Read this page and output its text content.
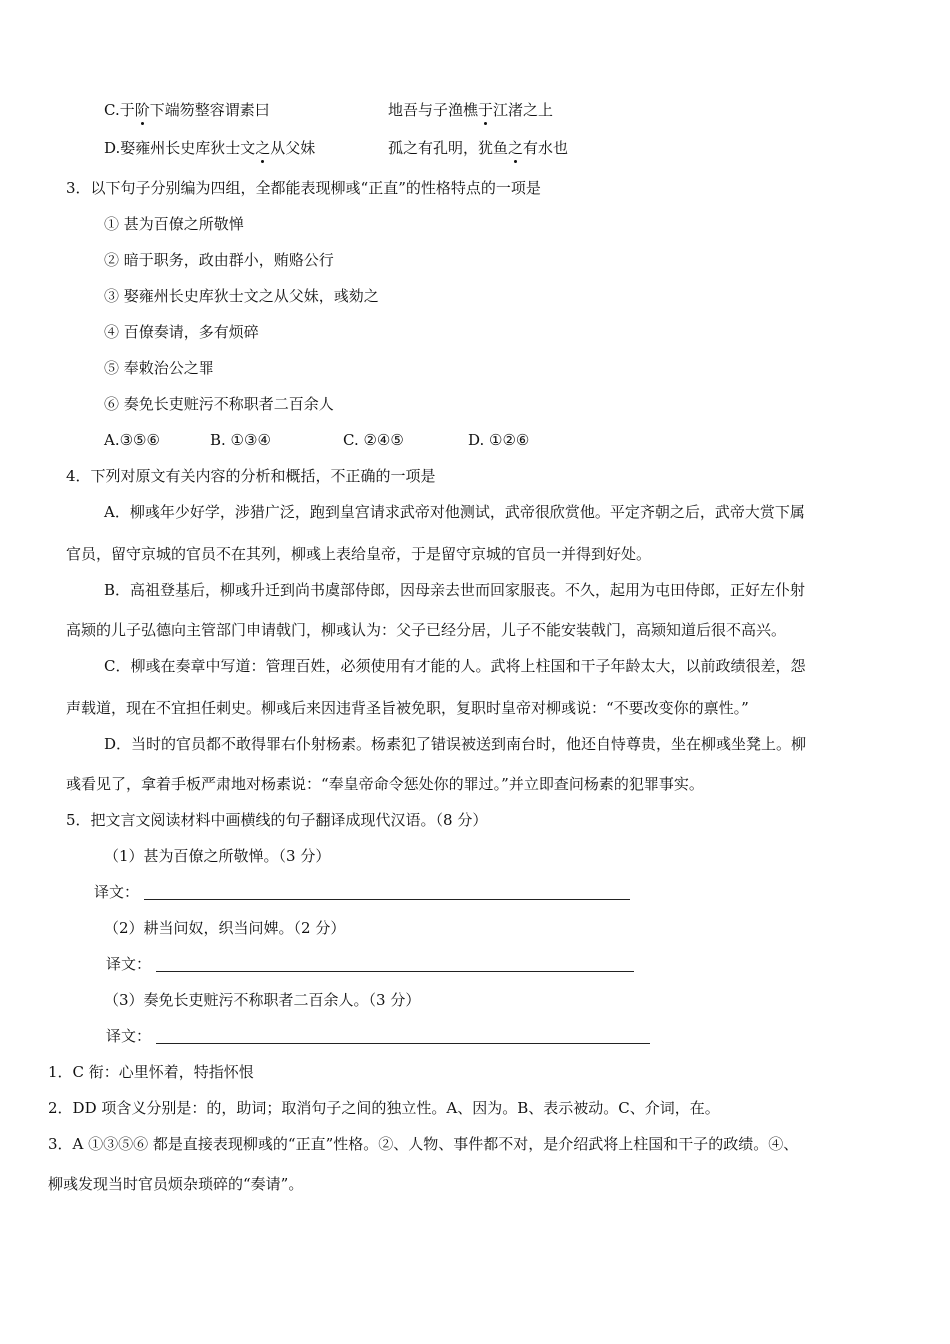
C.于阶下端笏整容谓素曰	地吾与子渔樵于江渚之上
D.娶雍州长史库狄士文之从父妹	孤之有孔明，犹鱼之有水也
3．以下句子分别编为四组，全都能表现柳彧“正直”的性格特点的一项是
① 甚为百僚之所敬惮
② 暗于职务，政由群小，贿赂公行
③ 娶雍州长史库狄士文之从父妹，彧劾之
④ 百僚奏请，多有烦碎
⑤ 奉敕治公之罪
⑥ 奏免长吏赃污不称职者二百余人
A.③⑤⑥	B. ①③④	C. ②④⑤	D. ①②⑥
4．下列对原文有关内容的分析和概括，不正确的一项是
A．柳彧年少好学，涉猎广泛，跑到皇宫请求武帝对他测试，武帝很欣赏他。平定齐朝之后，武帝大赏下属
官员，留守京城的官员不在其列，柳彧上表给皇帝，于是留守京城的官员一并得到好处。
B．高祖登基后，柳彧升迁到尚书虞部侍郎，因母亲去世而回家服丧。不久，起用为屯田侍郎，正好左仆射
高颎的儿子弘德向主管部门申请戟门，柳彧认为：父子已经分居，儿子不能安装戟门，高颎知道后很不高兴。
C．柳彧在奏章中写道：管理百姓，必须使用有才能的人。武将上柱国和干子年龄太大，以前政绩很差，怨
声载道，现在不宜担任刺史。柳彧后来因违背圣旨被免职，复职时皇帝对柳彧说：“不要改变你的禀性。”
D．当时的官员都不敢得罪右仆射杨素。杨素犯了错误被送到南台时，他还自恃尊贵，坐在柳彧坐凳上。柳
彧看见了，拿着手板严肃地对杨素说：“奉皇帝命令惩处你的罪过。”并立即查问杨素的犯罪事实。
5．把文言文阅读材料中画横线的句子翻译成现代汉语。（8 分）
（1）甚为百僚之所敬惮。（3 分）
译文：
（2）耕当问奴，织当问婢。（2 分）
译文：
（3）奏免长吏赃污不称职者二百余人。（3 分）
译文：
1．C 衔：心里怀着，特指怀恨
2．DD 项含义分别是：的，助词；取消句子之间的独立性。A、因为。B、表示被动。C、介词，在。
3．A ①③⑤⑥ 都是直接表现柳彧的“正直”性格。②、人物、事件都不对，是介绍武将上柱国和干子的政绩。④、
柳彧发现当时官员烦杂琐碎的“奏请”。
